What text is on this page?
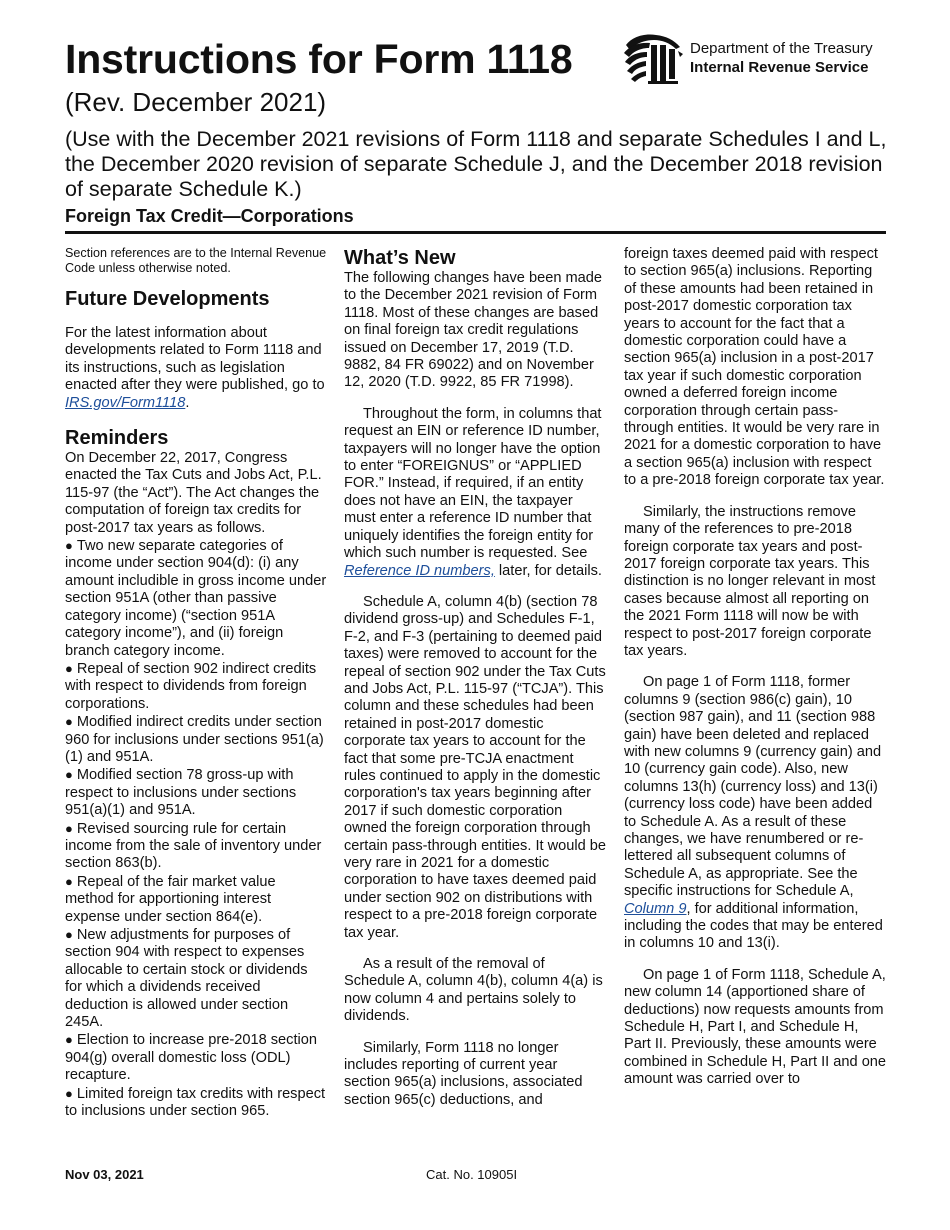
Instructions for Form 1118
(Rev. December 2021)
(Use with the December 2021 revisions of Form 1118 and separate Schedules I and L, the December 2020 revision of separate Schedule J, and the December 2018 revision of separate Schedule K.)
Foreign Tax Credit—Corporations
Department of the Treasury
Internal Revenue Service

Section references are to the Internal Revenue Code unless otherwise noted.

Future Developments

For the latest information about developments related to Form 1118 and its instructions, such as legislation enacted after they were published, go to IRS.gov/Form1118.

Reminders

On December 22, 2017, Congress enacted the Tax Cuts and Jobs Act, P.L. 115-97 (the “Act”). The Act changes the computation of foreign tax credits for post-2017 tax years as follows.

● Two new separate categories of income under section 904(d): (i) any amount includible in gross income under section 951A (other than passive category income) (“section 951A category income”), and (ii) foreign branch category income.
● Repeal of section 902 indirect credits with respect to dividends from foreign corporations.
● Modified indirect credits under section 960 for inclusions under sections 951(a)(1) and 951A.
● Modified section 78 gross-up with respect to inclusions under sections 951(a)(1) and 951A.
● Revised sourcing rule for certain income from the sale of inventory under section 863(b).
● Repeal of the fair market value method for apportioning interest expense under section 864(e).
● New adjustments for purposes of section 904 with respect to expenses allocable to certain stock or dividends for which a dividends received deduction is allowed under section 245A.
● Election to increase pre-2018 section 904(g) overall domestic loss (ODL) recapture.
● Limited foreign tax credits with respect to inclusions under section 965.
What’s New

The following changes have been made to the December 2021 revision of Form 1118. Most of these changes are based on final foreign tax credit regulations issued on December 17, 2019 (T.D. 9882, 84 FR 69022) and on November 12, 2020 (T.D. 9922, 85 FR 71998).

Throughout the form, in columns that request an EIN or reference ID number, taxpayers will no longer have the option to enter “FOREIGNUS” or “APPLIED FOR.” Instead, if required, if an entity does not have an EIN, the taxpayer must enter a reference ID number that uniquely identifies the foreign entity for which such number is requested. See Reference ID numbers, later, for details.

Schedule A, column 4(b) (section 78 dividend gross-up) and Schedules F-1, F-2, and F-3 (pertaining to deemed paid taxes) were removed to account for the repeal of section 902 under the Tax Cuts and Jobs Act, P.L. 115-97 (“TCJA”). This column and these schedules had been retained in post-2017 domestic corporate tax years to account for the fact that some pre-TCJA enactment rules continued to apply in the domestic corporation's tax years beginning after 2017 if such domestic corporation owned the foreign corporation through certain pass-through entities. It would be very rare in 2021 for a domestic corporation to have taxes deemed paid under section 902 on distributions with respect to a pre-2018 foreign corporate tax year.

As a result of the removal of Schedule A, column 4(b), column 4(a) is now column 4 and pertains solely to dividends.

Similarly, Form 1118 no longer includes reporting of current year section 965(a) inclusions, associated section 965(c) deductions, and

foreign taxes deemed paid with respect to section 965(a) inclusions. Reporting of these amounts had been retained in post-2017 domestic corporation tax years to account for the fact that a domestic corporation could have a section 965(a) inclusion in a post-2017 tax year if such domestic corporation owned a deferred foreign income corporation through certain pass-through entities. It would be very rare in 2021 for a domestic corporation to have a section 965(a) inclusion with respect to a pre-2018 foreign corporate tax year.

Similarly, the instructions remove many of the references to pre-2018 foreign corporate tax years and post-2017 foreign corporate tax years. This distinction is no longer relevant in most cases because almost all reporting on the 2021 Form 1118 will now be with respect to post-2017 foreign corporate tax years.

On page 1 of Form 1118, former columns 9 (section 986(c) gain), 10 (section 987 gain), and 11 (section 988 gain) have been deleted and replaced with new columns 9 (currency gain) and 10 (currency gain code). Also, new columns 13(h) (currency loss) and 13(i) (currency loss code) have been added to Schedule A. As a result of these changes, we have renumbered or re-lettered all subsequent columns of Schedule A, as appropriate. See the specific instructions for Schedule A, Column 9, for additional information, including the codes that may be entered in columns 10 and 13(i).

On page 1 of Form 1118, Schedule A, new column 14 (apportioned share of deductions) now requests amounts from Schedule H, Part I, and Schedule H, Part II. Previously, these amounts were combined in Schedule H, Part II and one amount was carried over to

Nov 03, 2021	Cat. No. 10905I
